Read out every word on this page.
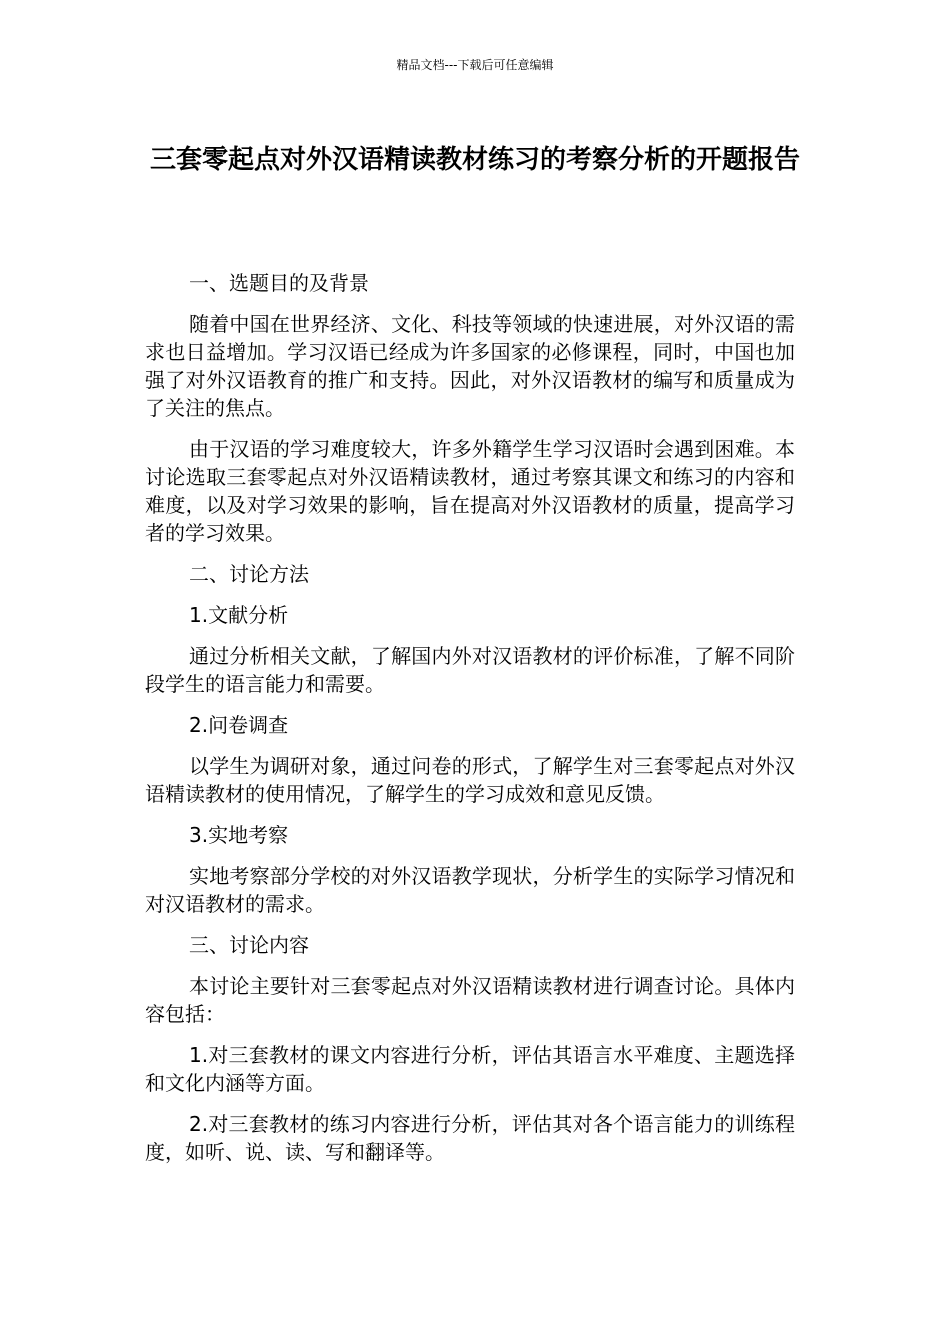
精品文档---下载后可任意编辑
三套零起点对外汉语精读教材练习的考察分析的开题报告

一、选题目的及背景

随着中国在世界经济、文化、科技等领域的快速进展，对外汉语的需求也日益增加。学习汉语已经成为许多国家的必修课程，同时，中国也加强了对外汉语教育的推广和支持。因此，对外汉语教材的编写和质量成为了关注的焦点。

由于汉语的学习难度较大，许多外籍学生学习汉语时会遇到困难。本讨论选取三套零起点对外汉语精读教材，通过考察其课文和练习的内容和难度，以及对学习效果的影响，旨在提高对外汉语教材的质量，提高学习者的学习效果。

二、讨论方法

1.文献分析

通过分析相关文献，了解国内外对汉语教材的评价标准，了解不同阶段学生的语言能力和需要。

2.问卷调查

以学生为调研对象，通过问卷的形式，了解学生对三套零起点对外汉语精读教材的使用情况，了解学生的学习成效和意见反馈。

3.实地考察

实地考察部分学校的对外汉语教学现状，分析学生的实际学习情况和对汉语教材的需求。

三、讨论内容

本讨论主要针对三套零起点对外汉语精读教材进行调查讨论。具体内容包括：

1.对三套教材的课文内容进行分析，评估其语言水平难度、主题选择和文化内涵等方面。

2.对三套教材的练习内容进行分析，评估其对各个语言能力的训练程度，如听、说、读、写和翻译等。
